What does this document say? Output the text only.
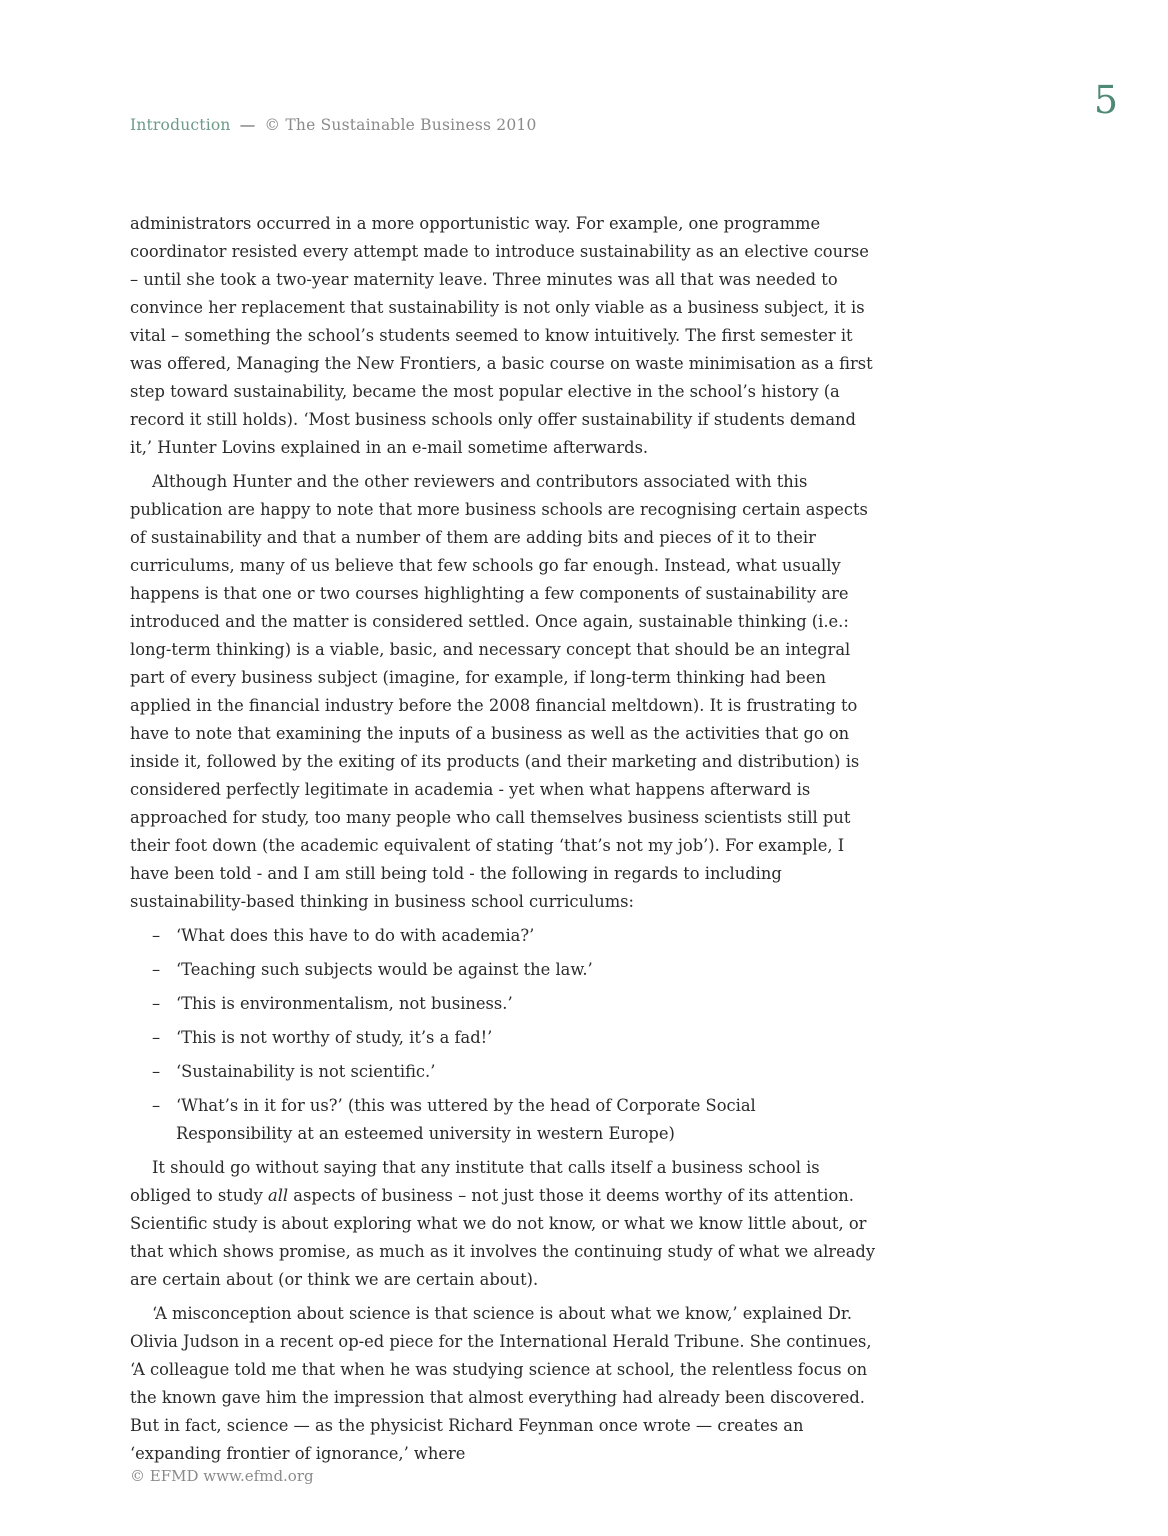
Introduction — © The Sustainable Business 2010
5

administrators occurred in a more opportunistic way. For example, one programme coordinator resisted every attempt made to introduce sustainability as an elective course – until she took a two-year maternity leave. Three minutes was all that was needed to convince her replacement that sustainability is not only viable as a business subject, it is vital – something the school’s students seemed to know intuitively. The first semester it was offered, Managing the New Frontiers, a basic course on waste minimisation as a first step toward sustainability, became the most popular elective in the school’s history (a record it still holds). ‘Most business schools only offer sustainability if students demand it,’ Hunter Lovins explained in an e-mail sometime afterwards.

Although Hunter and the other reviewers and contributors associated with this publication are happy to note that more business schools are recognising certain aspects of sustainability and that a number of them are adding bits and pieces of it to their curriculums, many of us believe that few schools go far enough. Instead, what usually happens is that one or two courses highlighting a few components of sustainability are introduced and the matter is considered settled. Once again, sustainable thinking (i.e.: long-term thinking) is a viable, basic, and necessary concept that should be an integral part of every business subject (imagine, for example, if long-term thinking had been applied in the financial industry before the 2008 financial meltdown). It is frustrating to have to note that examining the inputs of a business as well as the activities that go on inside it, followed by the exiting of its products (and their marketing and distribution) is considered perfectly legitimate in academia - yet when what happens afterward is approached for study, too many people who call themselves business scientists still put their foot down (the academic equivalent of stating ‘that’s not my job’). For example, I have been told - and I am still being told - the following in regards to including sustainability-based thinking in business school curriculums:

– ‘What does this have to do with academia?’
– ‘Teaching such subjects would be against the law.’
– ‘This is environmentalism, not business.’
– ‘This is not worthy of study, it’s a fad!’
– ‘Sustainability is not scientific.’
– ‘What’s in it for us?’ (this was uttered by the head of Corporate Social Responsibility at an esteemed university in western Europe)

It should go without saying that any institute that calls itself a business school is obliged to study all aspects of business – not just those it deems worthy of its attention. Scientific study is about exploring what we do not know, or what we know little about, or that which shows promise, as much as it involves the continuing study of what we already are certain about (or think we are certain about).

‘A misconception about science is that science is about what we know,’ explained Dr. Olivia Judson in a recent op-ed piece for the International Herald Tribune. She continues, ‘A colleague told me that when he was studying science at school, the relentless focus on the known gave him the impression that almost everything had already been discovered. But in fact, science — as the physicist Richard Feynman once wrote — creates an ‘expanding frontier of ignorance,’ where

© EFMD www.efmd.org
